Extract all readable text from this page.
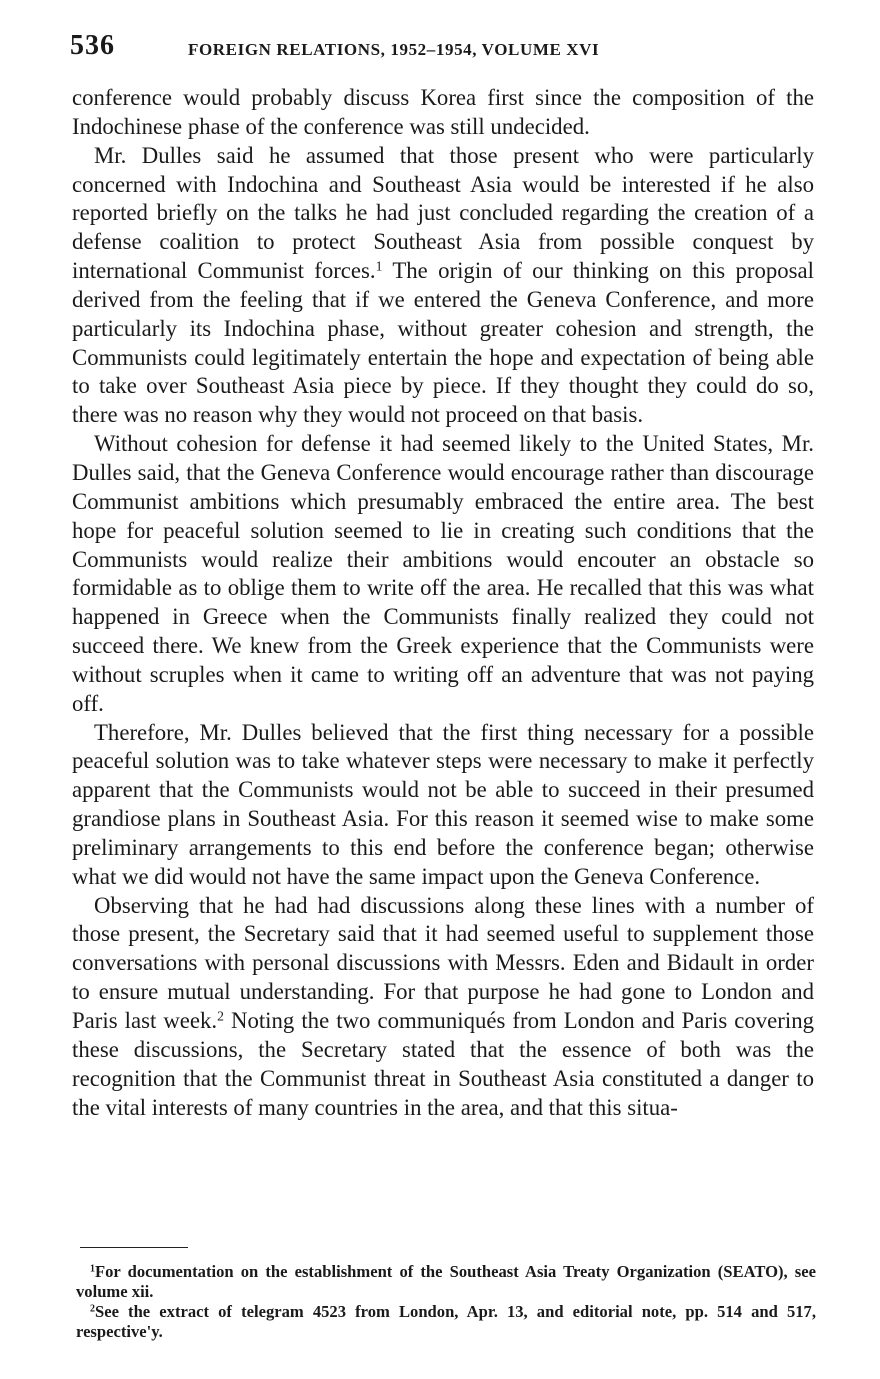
536	FOREIGN RELATIONS, 1952–1954, VOLUME XVI

conference would probably discuss Korea first since the composition of the Indochinese phase of the conference was still undecided.

Mr. Dulles said he assumed that those present who were particularly concerned with Indochina and Southeast Asia would be interested if he also reported briefly on the talks he had just concluded regarding the creation of a defense coalition to protect Southeast Asia from possible conquest by international Communist forces.$^1$ The origin of our thinking on this proposal derived from the feeling that if we entered the Geneva Conference, and more particularly its Indochina phase, without greater cohesion and strength, the Communists could legitimately entertain the hope and expectation of being able to take over Southeast Asia piece by piece. If they thought they could do so, there was no reason why they would not proceed on that basis.

Without cohesion for defense it had seemed likely to the United States, Mr. Dulles said, that the Geneva Conference would encourage rather than discourage Communist ambitions which presumably embraced the entire area. The best hope for peaceful solution seemed to lie in creating such conditions that the Communists would realize their ambitions would encouter an obstacle so formidable as to oblige them to write off the area. He recalled that this was what happened in Greece when the Communists finally realized they could not succeed there. We knew from the Greek experience that the Communists were without scruples when it came to writing off an adventure that was not paying off.

Therefore, Mr. Dulles believed that the first thing necessary for a possible peaceful solution was to take whatever steps were necessary to make it perfectly apparent that the Communists would not be able to succeed in their presumed grandiose plans in Southeast Asia. For this reason it seemed wise to make some preliminary arrangements to this end before the conference began; otherwise what we did would not have the same impact upon the Geneva Conference.

Observing that he had had discussions along these lines with a number of those present, the Secretary said that it had seemed useful to supplement those conversations with personal discussions with Messrs. Eden and Bidault in order to ensure mutual understanding. For that purpose he had gone to London and Paris last week.$^2$ Noting the two communiqués from London and Paris covering these discussions, the Secretary stated that the essence of both was the recognition that the Communist threat in Southeast Asia constituted a danger to the vital interests of many countries in the area, and that this situa-

$^1$For documentation on the establishment of the Southeast Asia Treaty Organization (SEATO), see volume xii.

$^2$See the extract of telegram 4523 from London, Apr. 13, and editorial note, pp. 514 and 517, respective'y.
